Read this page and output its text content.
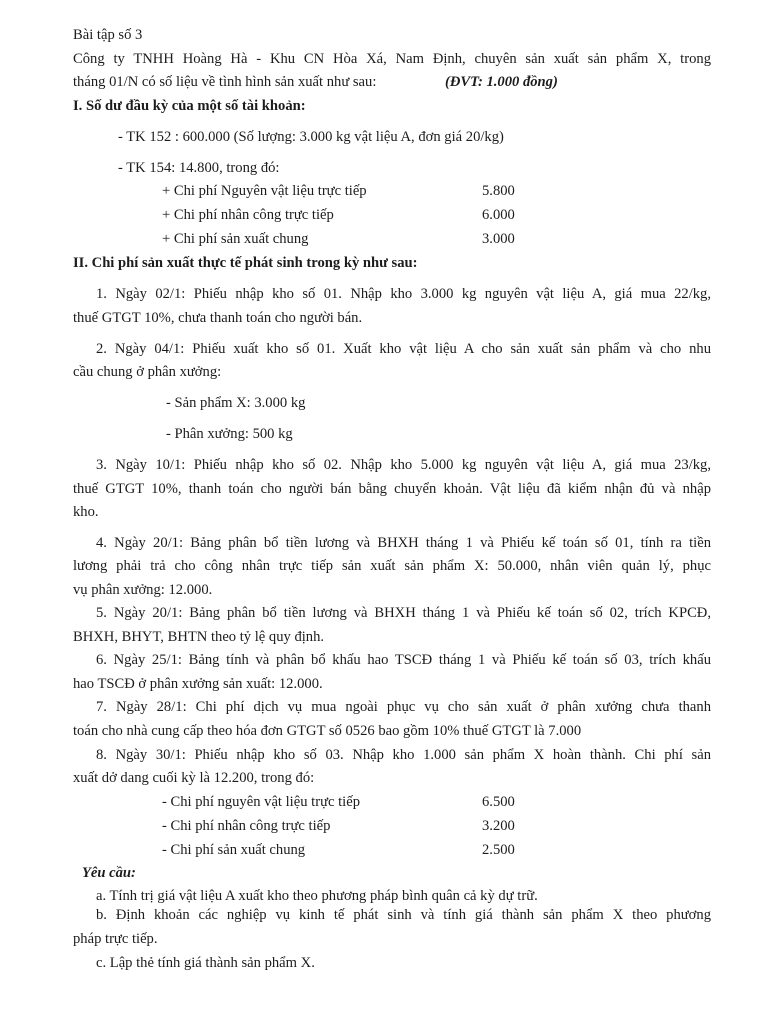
Bài tập số 3
Công ty TNHH Hoàng Hà - Khu CN Hòa Xá, Nam Định, chuyên sản xuất sản phẩm X, trong
tháng 01/N có số liệu về tình hình sản xuất như sau:	(ĐVT: 1.000 đồng)
I. Số dư đầu kỳ của một số tài khoản:
- TK 152 : 600.000 (Số lượng: 3.000 kg vật liệu A, đơn giá 20/kg)
- TK 154: 14.800, trong đó:
+ Chi phí Nguyên vật liệu trực tiếp	5.800
+ Chi phí nhân công trực tiếp	6.000
+ Chi phí sản xuất chung	3.000
II. Chi phí sản xuất thực tế phát sinh trong kỳ như sau:
1. Ngày 02/1: Phiếu nhập kho số 01. Nhập kho 3.000 kg nguyên vật liệu A, giá mua 22/kg,
thuế GTGT 10%, chưa thanh toán cho người bán.
2. Ngày 04/1: Phiếu xuất kho số 01. Xuất kho vật liệu A cho sản xuất sản phẩm và cho nhu
cầu chung ở phân xưởng:
- Sản phẩm X: 3.000 kg
- Phân xưởng: 500 kg
3. Ngày 10/1: Phiếu nhập kho số 02. Nhập kho 5.000 kg nguyên vật liệu A, giá mua 23/kg,
thuế GTGT 10%, thanh toán cho người bán bằng chuyển khoản. Vật liệu đã kiểm nhận đủ và nhập
kho.
4. Ngày 20/1: Bảng phân bổ tiền lương và BHXH tháng 1 và Phiếu kế toán số 01, tính ra tiền
lương phải trả cho công nhân trực tiếp sản xuất sản phẩm X: 50.000, nhân viên quản lý, phục
vụ phân xưởng: 12.000.
5. Ngày 20/1: Bảng phân bổ tiền lương và BHXH tháng 1 và Phiếu kế toán số 02, trích KPCĐ,
BHXH, BHYT, BHTN theo tỷ lệ quy định.
6. Ngày 25/1: Bảng tính và phân bổ khấu hao TSCĐ tháng 1 và Phiếu kế toán số 03, trích khấu
hao TSCĐ ở phân xưởng sản xuất: 12.000.
7. Ngày 28/1: Chi phí dịch vụ mua ngoài phục vụ cho sản xuất ở phân xưởng chưa thanh
toán cho nhà cung cấp theo hóa đơn GTGT số 0526 bao gồm 10% thuế GTGT là 7.000
8. Ngày 30/1: Phiếu nhập kho số 03. Nhập kho 1.000 sản phẩm X hoàn thành. Chi phí sản
xuất dở dang cuối kỳ là 12.200, trong đó:
- Chi phí nguyên vật liệu trực tiếp	6.500
- Chi phí nhân công trực tiếp	3.200
- Chi phí sản xuất chung	2.500
Yêu cầu:
a. Tính trị giá vật liệu A xuất kho theo phương pháp bình quân cả kỳ dự trữ.
b. Định khoản các nghiệp vụ kinh tế phát sinh và tính giá thành sản phẩm X theo phương
pháp trực tiếp.
c. Lập thẻ tính giá thành sản phẩm X.
